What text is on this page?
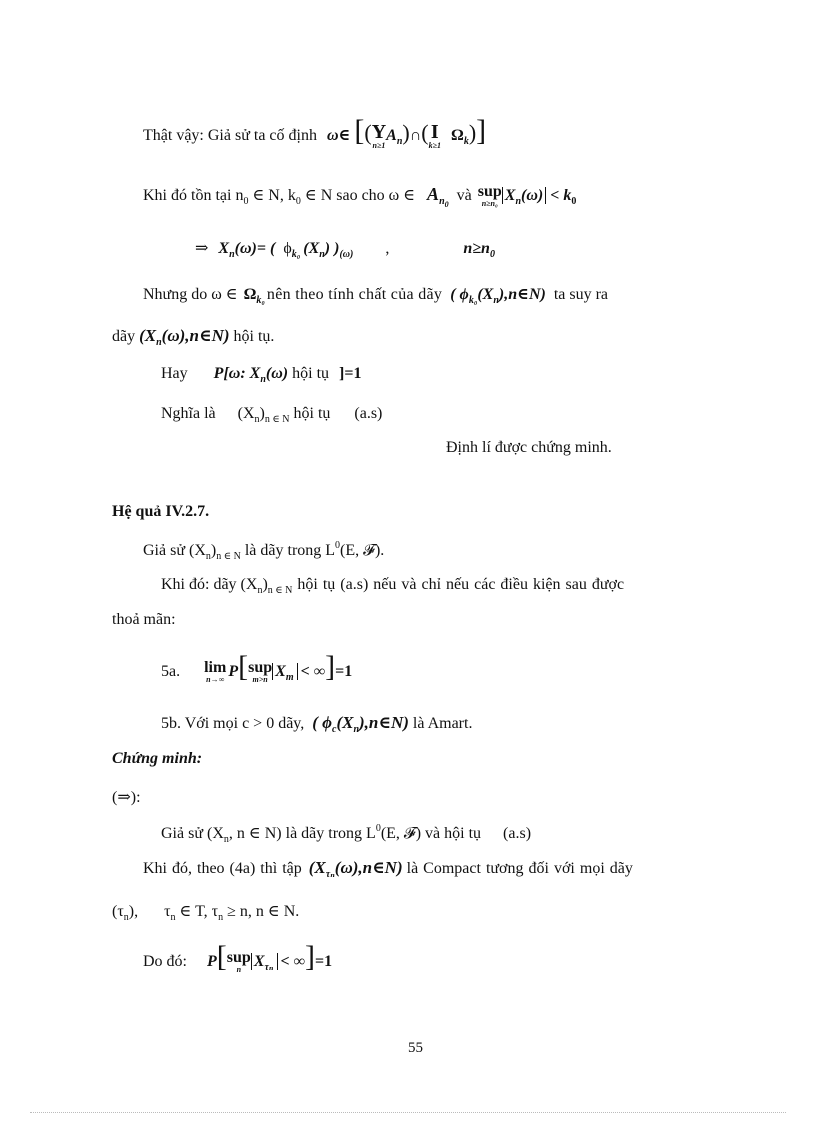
Thật vậy: Giả sử ta cố định ω∈ [(Y
n≥1
$A_n)\cap$( I
k≥1
$\Omega_k$)]
Khi đó tồn tại $n_0$ ∈ N, $k_0$ ∈ N sao cho ω ∈ $A_{n0}$ và sup
n≥n₀ $X_n(\omega) < k_0$
⇒ $X_n(\omega)=$ ( $\phi_{k_0}$ $(X_n)$ )$_{(\omega)}$ ,	$n\ge n_0$
Nhưng do ω ∈ $\Omega_{k_0}$ nên theo tính chất của dãy ( $\phi_{k_0}(X_n),n\in N$) ta suy ra
dãy $(X_n(\omega),n\in N)$ hội tụ.
Hay P[ω: $X_n(\omega)$ hội tụ ]=1
Nghĩa là $(X_n)_{n \in N}$ hội tụ (a.s)
Định lí được chứng minh.
Hệ quả IV.2.7.
Giả sử $(X_n)_{n \in N}$ là dãy trong $L^0(E$, 𝓕).
Khi đó: dãy $(X_n)_{n \in N}$ hội tụ (a.s) nếu và chỉ nếu các điều kiện sau được
thoả mãn:
5a. lim
n→∞ P[sup
m>n $X_m < \infty]=1$
5b. Với mọi c > 0 dãy, ( $\phi_c(X_n),n\in N$) là Amart.
Chứng minh:
(⇒):
Giả sử ($X_n$, n ∈ N) là dãy trong $L^0(E$, 𝓕) và hội tụ (a.s)
Khi đó, theo (4a) thì tập $(X_{\tau_n}(\omega),n\in N)$ là Compact tương đối với mọi dãy
$(\tau_n)$, $\tau_n$ ∈ T, $\tau_n \ge n$, n ∈ N.
Do đó: P[sup
n $X_{\tau_n} < \infty]=1$
55
